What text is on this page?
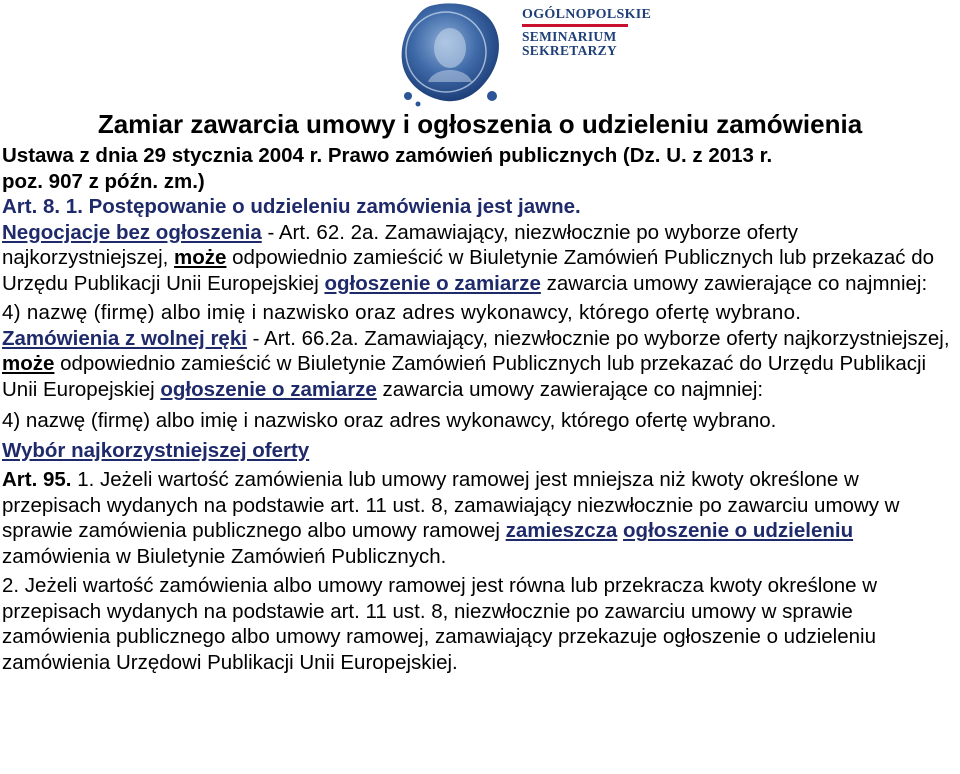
OGÓLNOPOLSKIE
SEMINARIUM
SEKRETARZY
Zamiar zawarcia umowy i ogłoszenia o udzieleniu zamówienia

Ustawa z dnia 29 stycznia 2004 r. Prawo zamówień publicznych (Dz. U. z 2013 r.
poz. 907 z późn. zm.)

Art. 8. 1. Postępowanie o udzieleniu zamówienia jest jawne.

Negocjacje bez ogłoszenia - Art. 62. 2a. Zamawiający, niezwłocznie po wyborze oferty najkorzystniejszej, może odpowiednio zamieścić w Biuletynie Zamówień Publicznych lub przekazać do Urzędu Publikacji Unii Europejskiej ogłoszenie o zamiarze zawarcia umowy zawierające co najmniej:

4) nazwę (firmę) albo imię i nazwisko oraz adres wykonawcy, którego ofertę wybrano.

Zamówienia z wolnej ręki - Art. 66.2a. Zamawiający, niezwłocznie po wyborze oferty najkorzystniejszej, może odpowiednio zamieścić w Biuletynie Zamówień Publicznych lub przekazać do Urzędu Publikacji Unii Europejskiej ogłoszenie o zamiarze zawarcia umowy zawierające co najmniej:

4) nazwę (firmę) albo imię i nazwisko oraz adres wykonawcy, którego ofertę wybrano.

Wybór najkorzystniejszej oferty

Art. 95. 1. Jeżeli wartość zamówienia lub umowy ramowej jest mniejsza niż kwoty określone w przepisach wydanych na podstawie art. 11 ust. 8, zamawiający niezwłocznie po zawarciu umowy w sprawie zamówienia publicznego albo umowy ramowej zamieszcza ogłoszenie o udzieleniu zamówienia w Biuletynie Zamówień Publicznych.

2. Jeżeli wartość zamówienia albo umowy ramowej jest równa lub przekracza kwoty określone w przepisach wydanych na podstawie art. 11 ust. 8, niezwłocznie po zawarciu umowy w sprawie zamówienia publicznego albo umowy ramowej, zamawiający przekazuje ogłoszenie o udzieleniu zamówienia Urzędowi Publikacji Unii Europejskiej.
